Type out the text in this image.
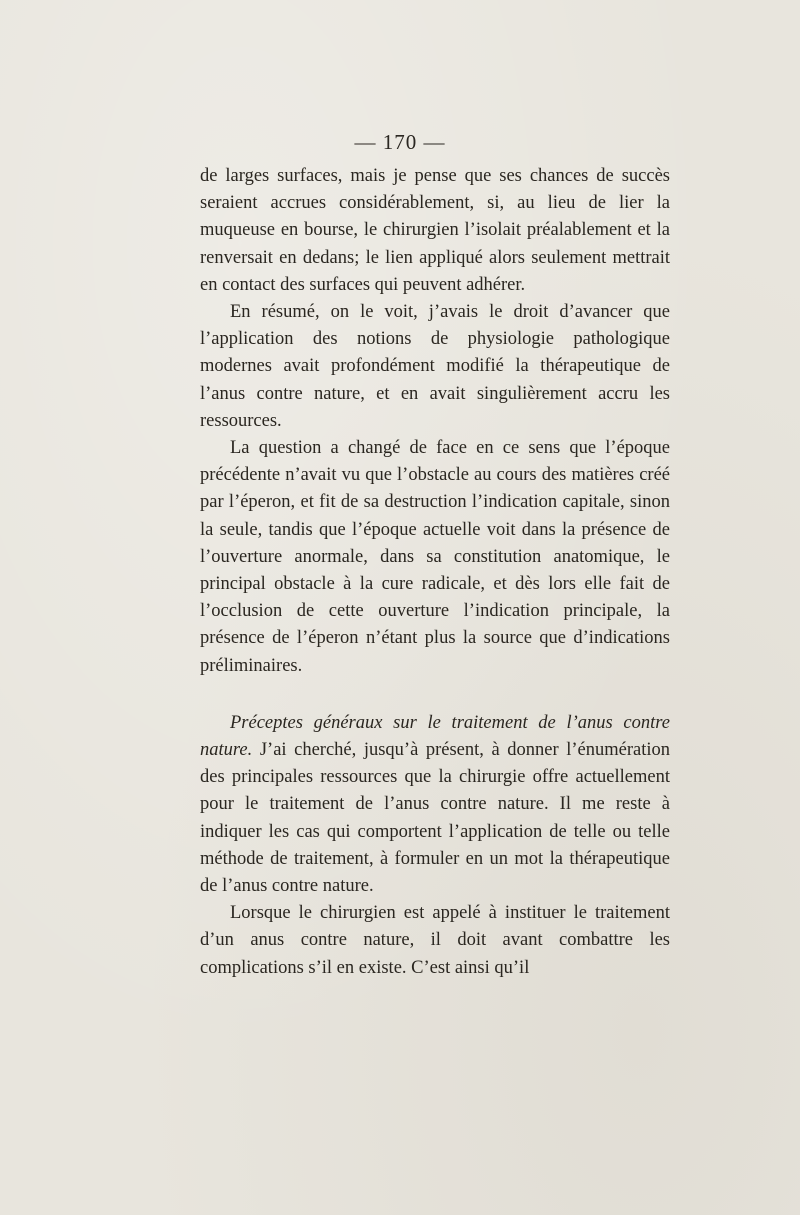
— 170 —

de larges surfaces, mais je pense que ses chances de succès seraient accrues considérablement, si, au lieu de lier la muqueuse en bourse, le chirurgien l’isolait préalablement et la renversait en dedans; le lien appliqué alors seulement mettrait en contact des surfaces qui peuvent adhérer.

En résumé, on le voit, j’avais le droit d’avancer que l’application des notions de physiologie pathologique modernes avait profondément modifié la thérapeutique de l’anus contre nature, et en avait singulièrement accru les ressources.

La question a changé de face en ce sens que l’époque précédente n’avait vu que l’obstacle au cours des matières créé par l’éperon, et fit de sa destruction l’indication capitale, sinon la seule, tandis que l’époque actuelle voit dans la présence de l’ouverture anormale, dans sa constitution anatomique, le principal obstacle à la cure radicale, et dès lors elle fait de l’occlusion de cette ouverture l’indication principale, la présence de l’éperon n’étant plus la source que d’indications préliminaires.

Préceptes généraux sur le traitement de l’anus contre nature. J’ai cherché, jusqu’à présent, à donner l’énumération des principales ressources que la chirurgie offre actuellement pour le traitement de l’anus contre nature. Il me reste à indiquer les cas qui comportent l’application de telle ou telle méthode de traitement, à formuler en un mot la thérapeutique de l’anus contre nature.

Lorsque le chirurgien est appelé à instituer le traitement d’un anus contre nature, il doit avant combattre les complications s’il en existe. C’est ainsi qu’il
